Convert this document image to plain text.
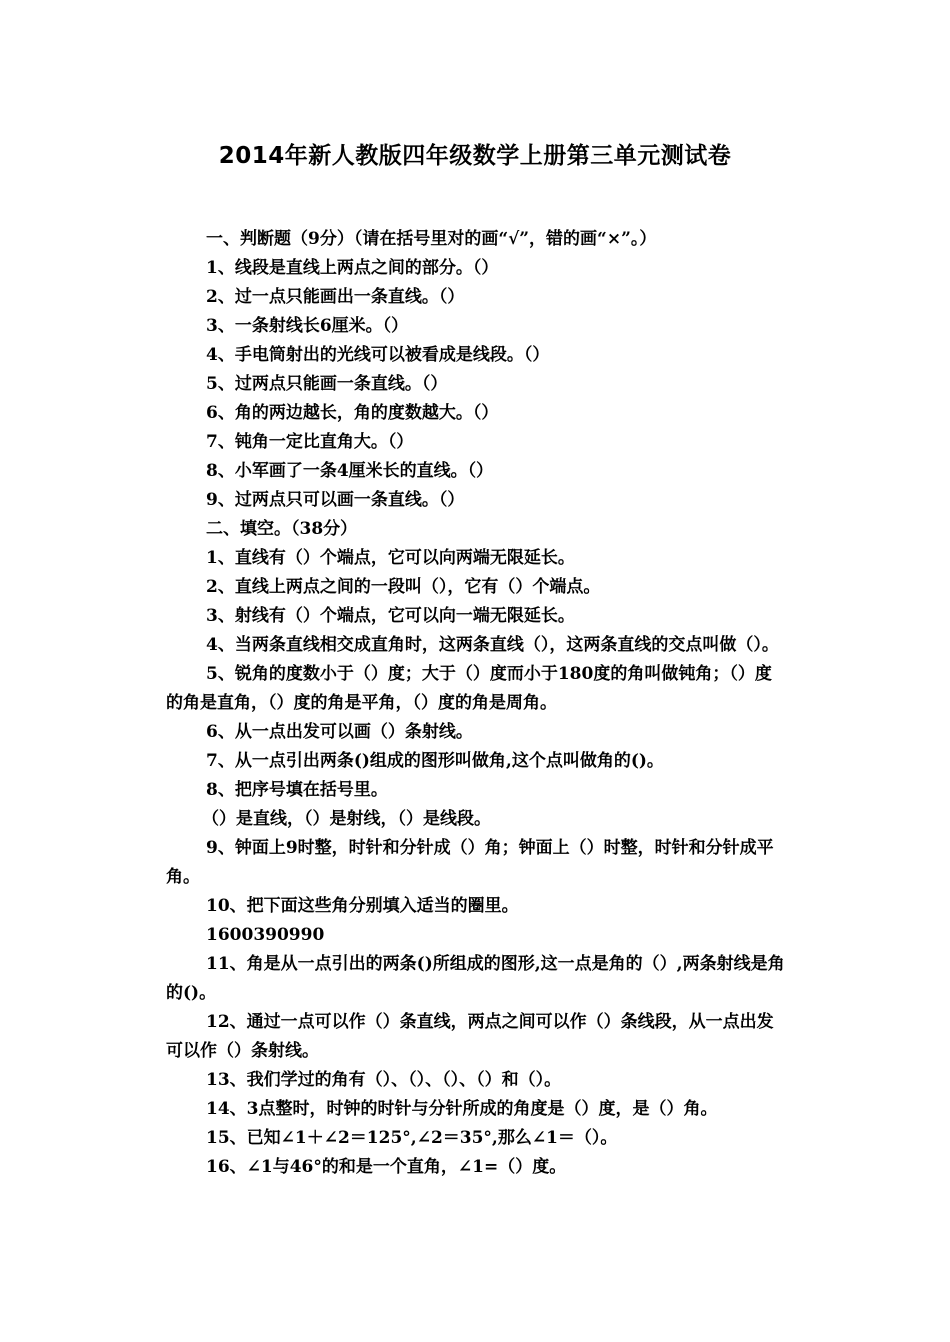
2014年新人教版四年级数学上册第三单元测试卷

一、判断题（9分）（请在括号里对的画“√”，错的画“×”。）

1、线段是直线上两点之间的部分。（）

2、过一点只能画出一条直线。（）

3、一条射线长6厘米。（）

4、手电筒射出的光线可以被看成是线段。（）

5、过两点只能画一条直线。（）

6、角的两边越长，角的度数越大。（）

7、钝角一定比直角大。（）

8、小军画了一条4厘米长的直线。（）

9、过两点只可以画一条直线。（）

二、填空。（38分）

1、直线有（）个端点，它可以向两端无限延长。

2、直线上两点之间的一段叫（），它有（）个端点。

3、射线有（）个端点，它可以向一端无限延长。

4、当两条直线相交成直角时，这两条直线（），这两条直线的交点叫做（）。

5、锐角的度数小于（）度；大于（）度而小于180度的角叫做钝角；（）度的角是直角，（）度的角是平角，（）度的角是周角。

6、从一点出发可以画（）条射线。

7、从一点引出两条()组成的图形叫做角,这个点叫做角的()。

8、把序号填在括号里。

（）是直线，（）是射线，（）是线段。

9、钟面上9时整，时针和分针成（）角；钟面上（）时整，时针和分针成平角。

10、把下面这些角分别填入适当的圈里。

1600390990

11、角是从一点引出的两条()所组成的图形,这一点是角的（）,两条射线是角的()。

12、通过一点可以作（）条直线，两点之间可以作（）条线段，从一点出发可以作（）条射线。

13、我们学过的角有（）、（）、（）、（）和（）。

14、3点整时，时钟的时针与分针所成的角度是（）度，是（）角。

15、已知∠1＋∠2＝125°,∠2＝35°,那么∠1＝（）。

16、∠1与46°的和是一个直角，∠1=（）度。
